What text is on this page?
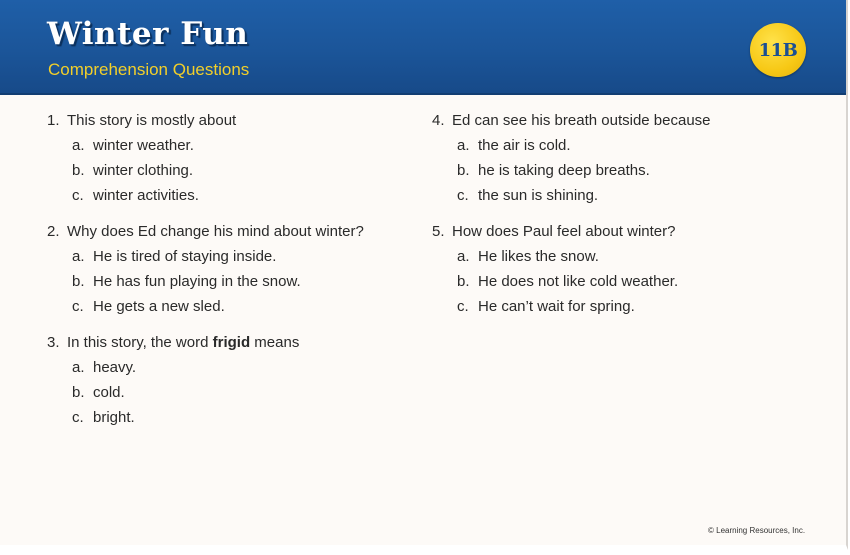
Winter Fun
Comprehension Questions
11B
1. This story is mostly about
a. winter weather.
b. winter clothing.
c. winter activities.
2. Why does Ed change his mind about winter?
a. He is tired of staying inside.
b. He has fun playing in the snow.
c. He gets a new sled.
3. In this story, the word frigid means
a. heavy.
b. cold.
c. bright.
4. Ed can see his breath outside because
a. the air is cold.
b. he is taking deep breaths.
c. the sun is shining.
5. How does Paul feel about winter?
a. He likes the snow.
b. He does not like cold weather.
c. He can’t wait for spring.
© Learning Resources, Inc.
